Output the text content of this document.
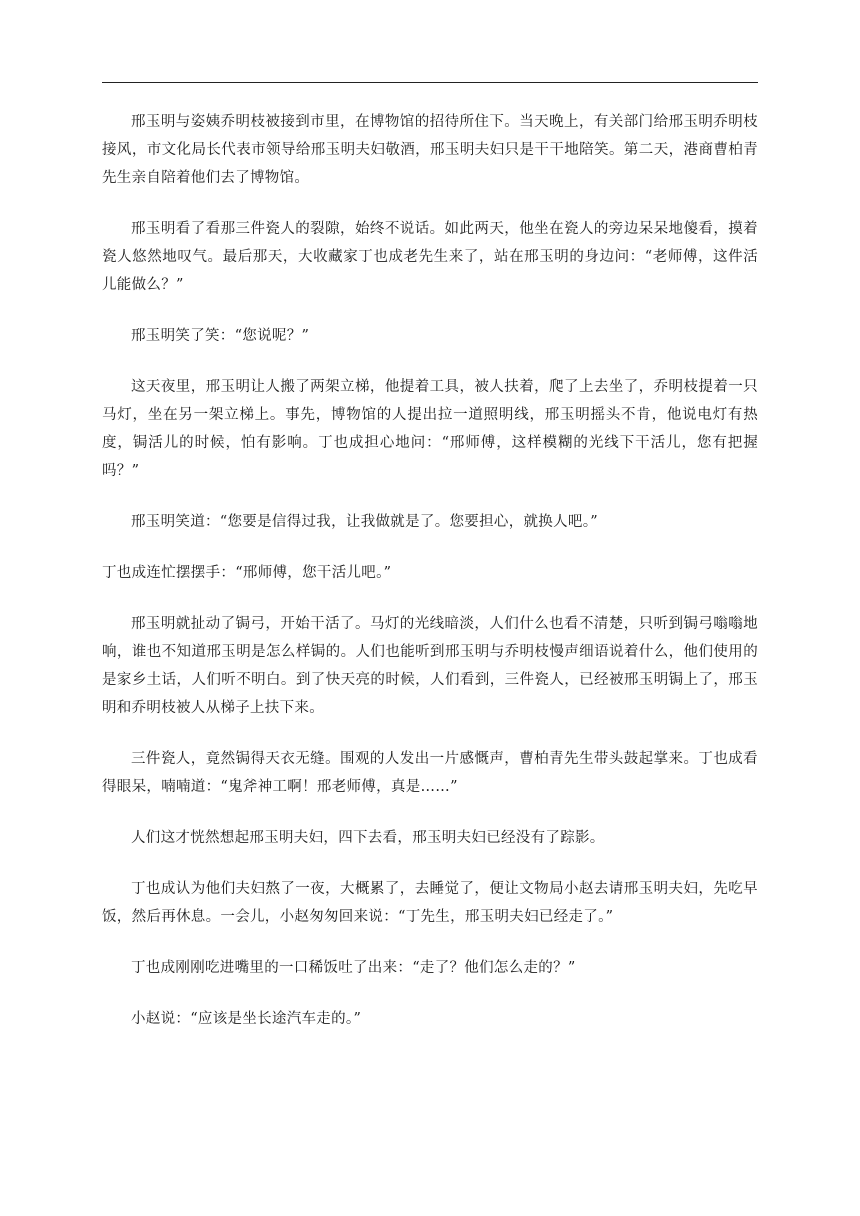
邢玉明与姿姨乔明枝被接到市里，在博物馆的招待所住下。当天晚上，有关部门给邢玉明乔明枝接风，市文化局长代表市领导给邢玉明夫妇敬酒，邢玉明夫妇只是干干地陪笑。第二天，港商曹柏青先生亲自陪着他们去了博物馆。

邢玉明看了看那三件瓷人的裂隙，始终不说话。如此两天，他坐在瓷人的旁边呆呆地傻看，摸着瓷人悠然地叹气。最后那天，大收藏家丁也成老先生来了，站在邢玉明的身边问：“老师傅，这件活儿能做么？”

邢玉明笑了笑：“您说呢？”

这天夜里，邢玉明让人搬了两架立梯，他提着工具，被人扶着，爬了上去坐了，乔明枝提着一只马灯，坐在另一架立梯上。事先，博物馆的人提出拉一道照明线，邢玉明摇头不肯，他说电灯有热度，锔活儿的时候，怕有影响。丁也成担心地问：“邢师傅，这样模糊的光线下干活儿，您有把握吗？”

邢玉明笑道：“您要是信得过我，让我做就是了。您要担心，就换人吧。”

丁也成连忙摆摆手：“邢师傅，您干活儿吧。”

邢玉明就扯动了锔弓，开始干活了。马灯的光线暗淡，人们什么也看不清楚，只听到锔弓嗡嗡地响，谁也不知道邢玉明是怎么样锔的。人们也能听到邢玉明与乔明枝慢声细语说着什么，他们使用的是家乡土话，人们听不明白。到了快天亮的时候，人们看到，三件瓷人，已经被邢玉明锔上了，邢玉明和乔明枝被人从梯子上扶下来。

三件瓷人，竟然锔得天衣无缝。围观的人发出一片感慨声，曹柏青先生带头鼓起掌来。丁也成看得眼呆，喃喃道：“鬼斧神工啊！邢老师傅，真是……”

人们这才恍然想起邢玉明夫妇，四下去看，邢玉明夫妇已经没有了踪影。

丁也成认为他们夫妇熬了一夜，大概累了，去睡觉了，便让文物局小赵去请邢玉明夫妇，先吃早饭，然后再休息。一会儿，小赵匆匆回来说：“丁先生，邢玉明夫妇已经走了。”

丁也成刚刚吃进嘴里的一口稀饭吐了出来：“走了？他们怎么走的？”

小赵说：“应该是坐长途汽车走的。”
